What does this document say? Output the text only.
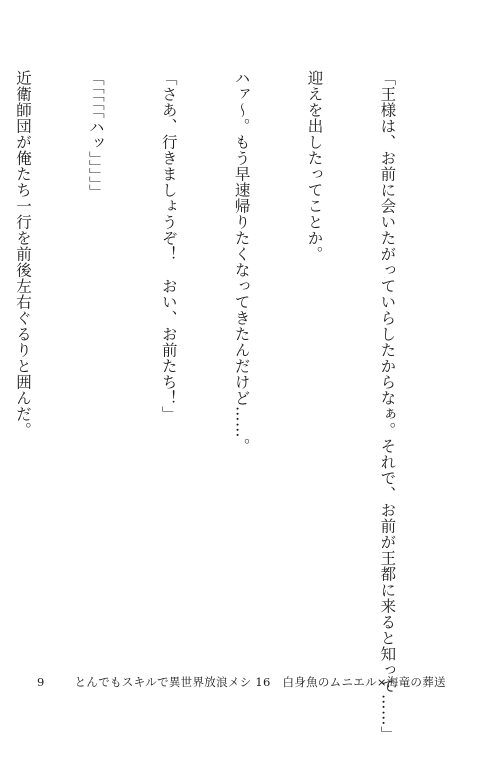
「王様は、お前に会いたがっていらしたからなぁ。それで、お前が王都に来ると知って……」

迎えを出したってことか。

ハァ〜。もう早速帰りたくなってきたんだけど……。

「さあ、行きましょうぞ！　おい、お前たち！」

「「「「「ハッ」」」」」

近衛師団が俺たち一行を前後左右ぐるりと囲んだ。

9	とんでもスキルで異世界放浪メシ 16　白身魚のムニエル×海竜の葬送
